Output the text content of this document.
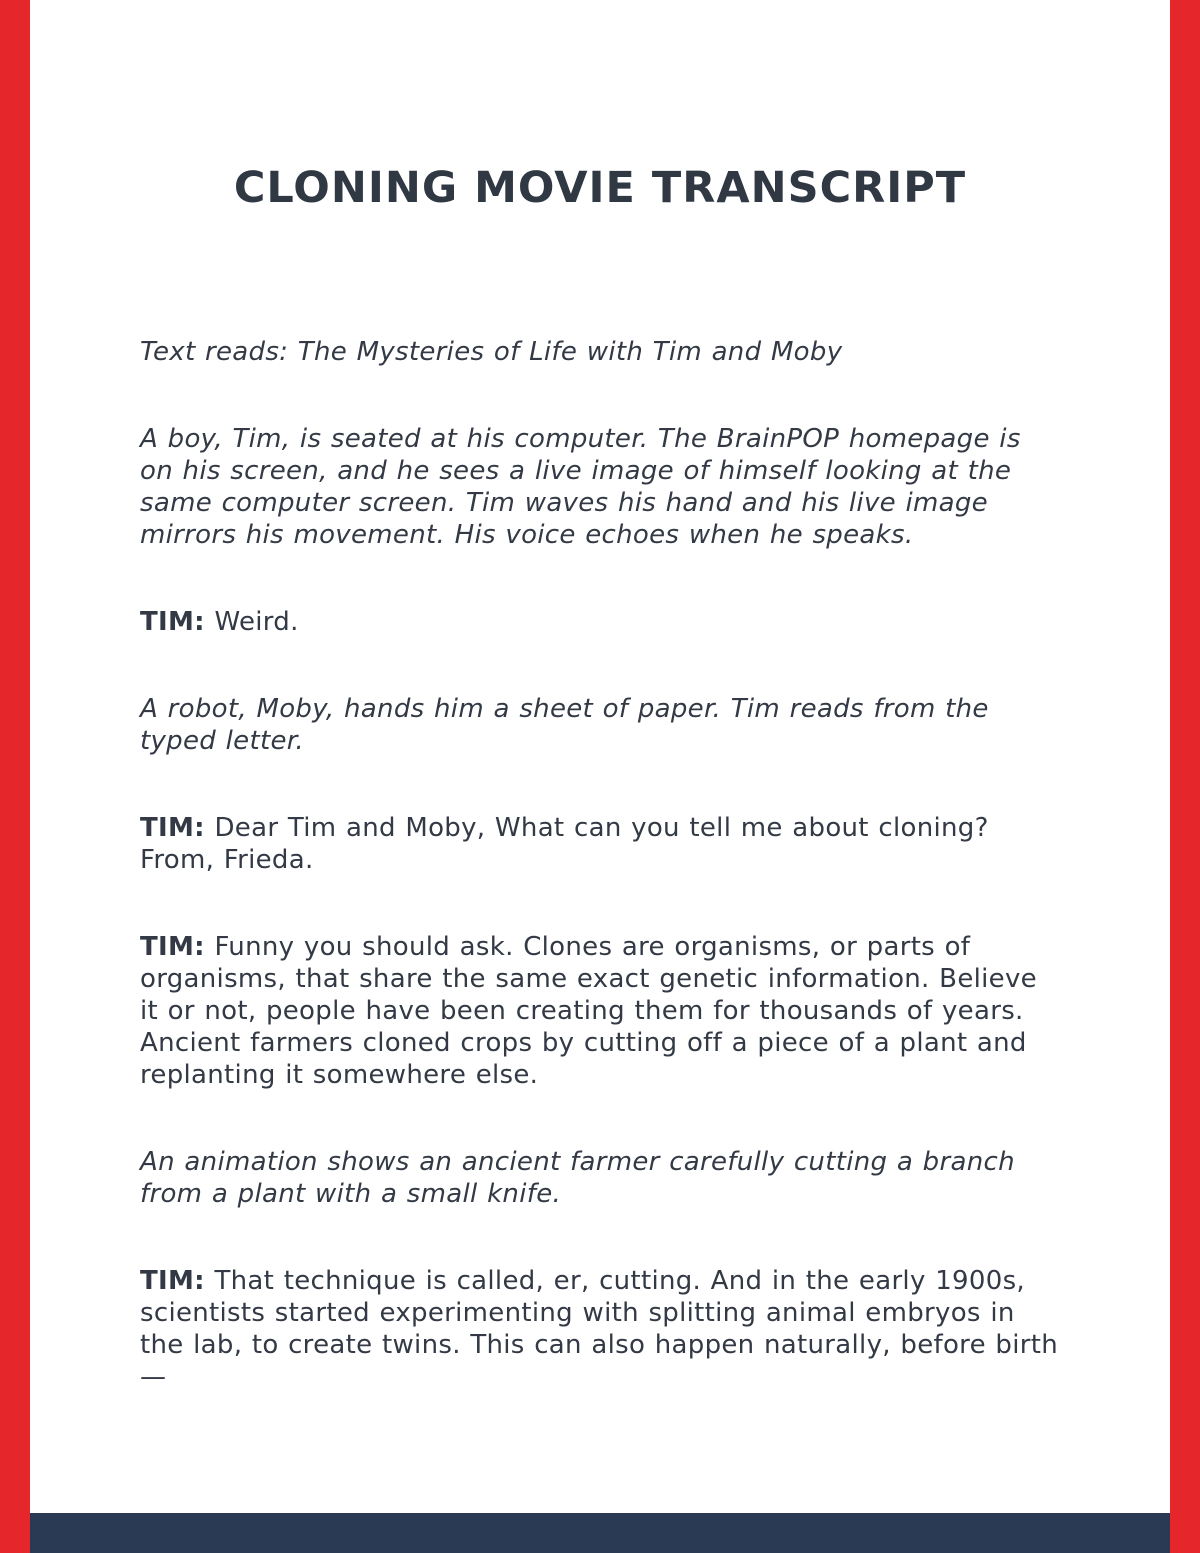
CLONING MOVIE TRANSCRIPT

Text reads: The Mysteries of Life with Tim and Moby

A boy, Tim, is seated at his computer. The BrainPOP homepage is on his screen, and he sees a live image of himself looking at the same computer screen. Tim waves his hand and his live image mirrors his movement. His voice echoes when he speaks.

TIM: Weird.

A robot, Moby, hands him a sheet of paper. Tim reads from the typed letter.

TIM: Dear Tim and Moby, What can you tell me about cloning? From, Frieda.

TIM: Funny you should ask. Clones are organisms, or parts of organisms, that share the same exact genetic information. Believe it or not, people have been creating them for thousands of years. Ancient farmers cloned crops by cutting off a piece of a plant and replanting it somewhere else.

An animation shows an ancient farmer carefully cutting a branch from a plant with a small knife.

TIM: That technique is called, er, cutting. And in the early 1900s, scientists started experimenting with splitting animal embryos in the lab, to create twins. This can also happen naturally, before birth—
